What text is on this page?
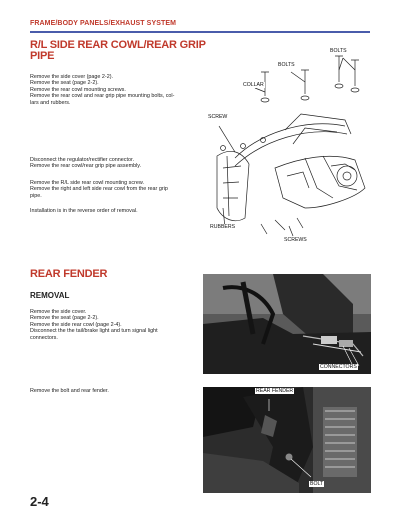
FRAME/BODY PANELS/EXHAUST SYSTEM
R/L SIDE REAR COWL/REAR GRIP PIPE
Remove the side cover (page 2-2).
Remove the seat (page 2-2).
Remove the rear cowl mounting screws.
Remove the rear cowl and rear grip pipe mounting bolts, col-
lars and rubbers.
Disconnect the regulator/rectifier connector.
Remove the rear cowl/rear grip pipe assembly.
Remove the R/L side rear cowl mounting screw.
Remove the right and left side rear cowl from the rear grip
pipe.
Installation is in the reverse order of removal.
BOLTS
BOLTS
COLLAR
SCREW
RUBBERS
SCREWS
REAR FENDER
REMOVAL
Remove the side cover.
Remove the seat (page 2-2).
Remove the side rear cowl (page 2-4).
Disconnect the the tail/brake light and turn signal light
connectors.
Remove the bolt and rear fender.
CONNECTORS
REAR FENDER
BOLT
2-4
